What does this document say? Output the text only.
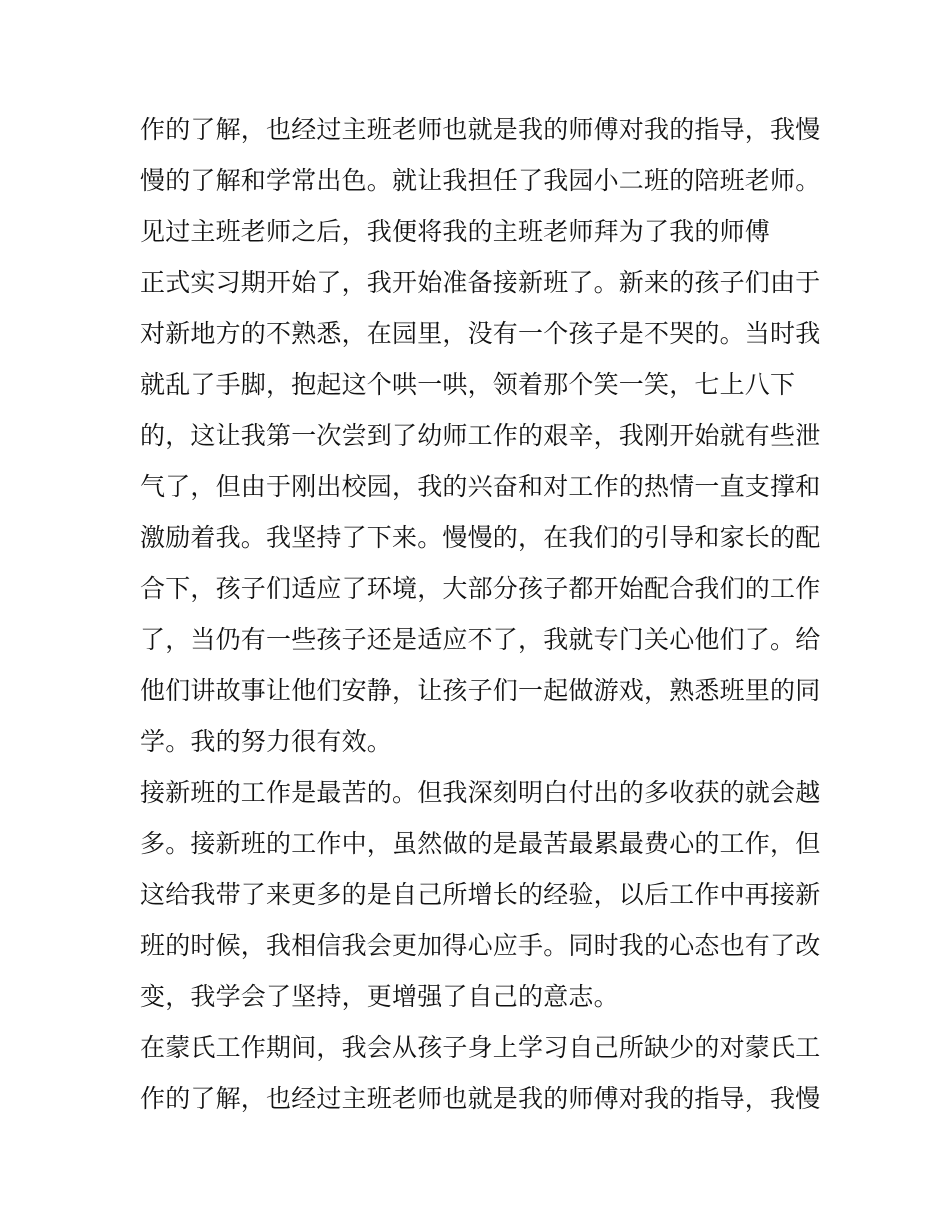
作的了解，也经过主班老师也就是我的师傅对我的指导，我慢
慢的了解和学常出色。就让我担任了我园小二班的陪班老师。
见过主班老师之后，我便将我的主班老师拜为了我的师傅
正式实习期开始了，我开始准备接新班了。新来的孩子们由于
对新地方的不熟悉，在园里，没有一个孩子是不哭的。当时我
就乱了手脚，抱起这个哄一哄，领着那个笑一笑，七上八下
的，这让我第一次尝到了幼师工作的艰辛，我刚开始就有些泄
气了，但由于刚出校园，我的兴奋和对工作的热情一直支撑和
激励着我。我坚持了下来。慢慢的，在我们的引导和家长的配
合下，孩子们适应了环境，大部分孩子都开始配合我们的工作
了，当仍有一些孩子还是适应不了，我就专门关心他们了。给
他们讲故事让他们安静，让孩子们一起做游戏，熟悉班里的同
学。我的努力很有效。
接新班的工作是最苦的。但我深刻明白付出的多收获的就会越
多。接新班的工作中，虽然做的是最苦最累最费心的工作，但
这给我带了来更多的是自己所增长的经验，以后工作中再接新
班的时候，我相信我会更加得心应手。同时我的心态也有了改
变，我学会了坚持，更增强了自己的意志。
在蒙氏工作期间，我会从孩子身上学习自己所缺少的对蒙氏工
作的了解，也经过主班老师也就是我的师傅对我的指导，我慢
